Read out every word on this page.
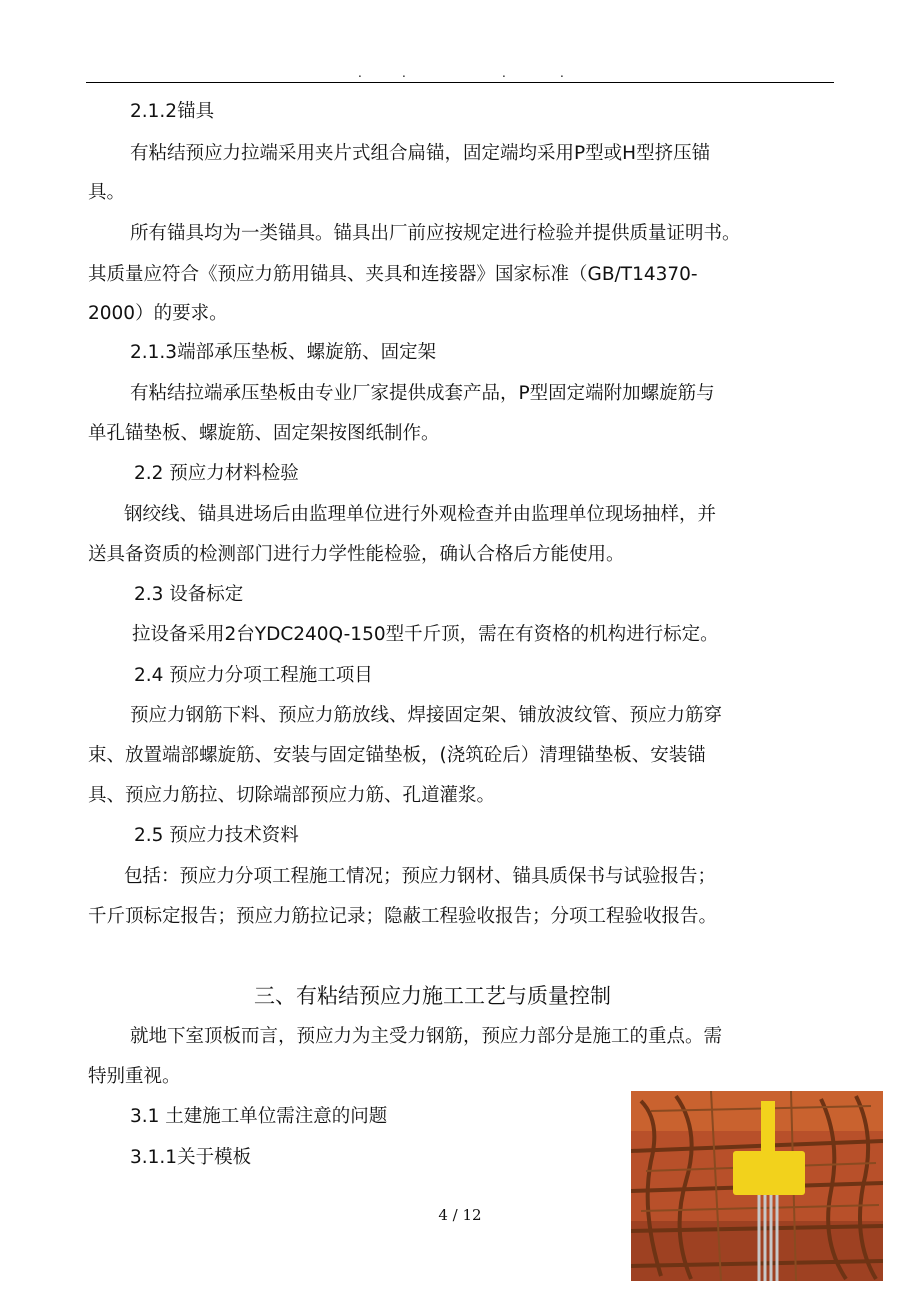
.	.	.	.
2.1.2锚具
有粘结预应力拉端采用夹片式组合扁锚，固定端均采用P型或H型挤压锚
具。
所有锚具均为一类锚具。锚具出厂前应按规定进行检验并提供质量证明书。
其质量应符合《预应力筋用锚具、夹具和连接器》国家标准（GB/T14370-
2000）的要求。
2.1.3端部承压垫板、螺旋筋、固定架
有粘结拉端承压垫板由专业厂家提供成套产品，P型固定端附加螺旋筋与
单孔锚垫板、螺旋筋、固定架按图纸制作。
2.2 预应力材料检验
钢绞线、锚具进场后由监理单位进行外观检查并由监理单位现场抽样，并
送具备资质的检测部门进行力学性能检验，确认合格后方能使用。
2.3 设备标定
拉设备采用2台YDC240Q-150型千斤顶，需在有资格的机构进行标定。
2.4 预应力分项工程施工项目
预应力钢筋下料、预应力筋放线、焊接固定架、铺放波纹管、预应力筋穿
束、放置端部螺旋筋、安装与固定锚垫板，(浇筑砼后）清理锚垫板、安装锚
具、预应力筋拉、切除端部预应力筋、孔道灌浆。
2.5 预应力技术资料
包括：预应力分项工程施工情况；预应力钢材、锚具质保书与试验报告；
千斤顶标定报告；预应力筋拉记录；隐蔽工程验收报告；分项工程验收报告。
三、有粘结预应力施工工艺与质量控制
就地下室顶板而言，预应力为主受力钢筋，预应力部分是施工的重点。需
特别重视。
3.1 土建施工单位需注意的问题
3.1.1关于模板
4 / 12
